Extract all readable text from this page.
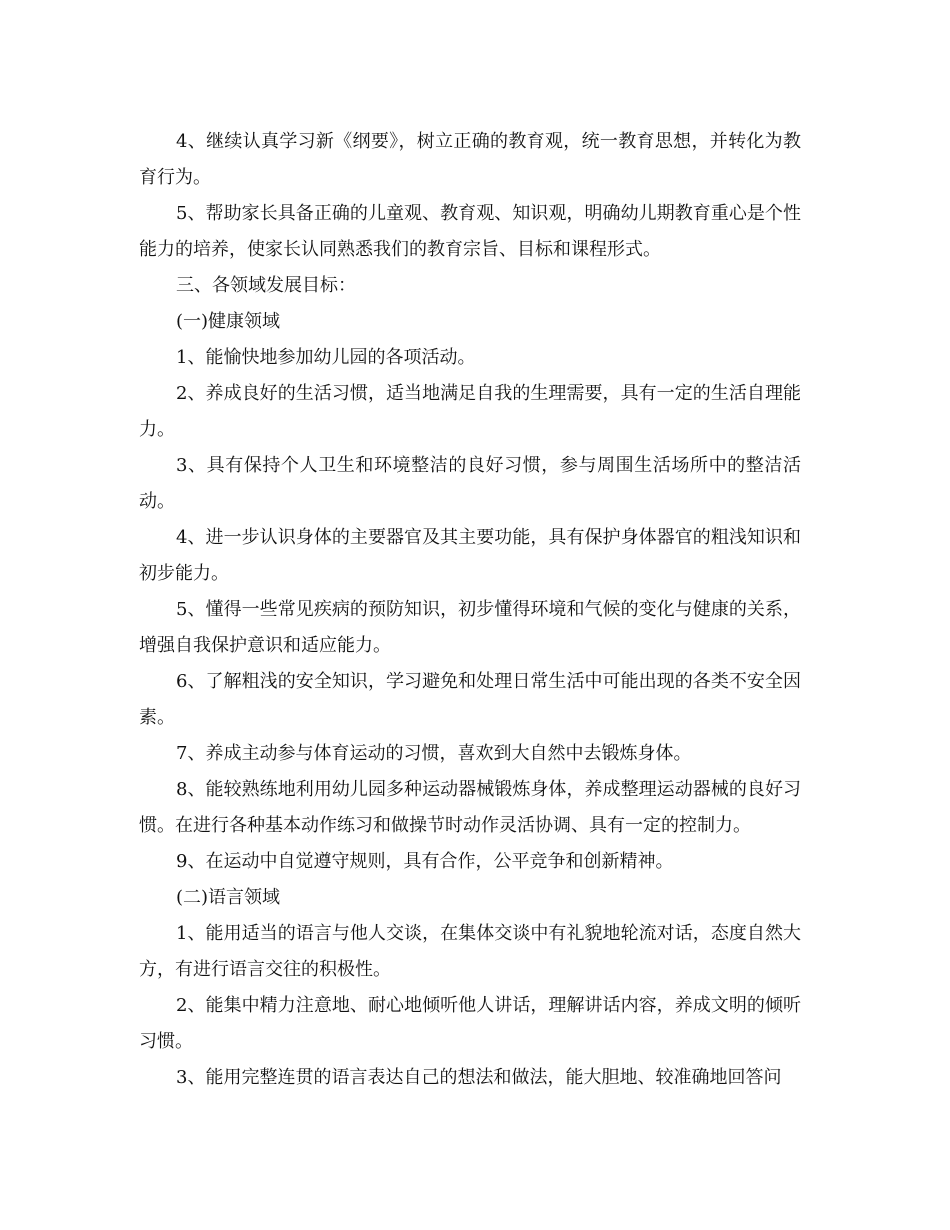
4、继续认真学习新《纲要》，树立正确的教育观，统一教育思想，并转化为教育行为。

5、帮助家长具备正确的儿童观、教育观、知识观，明确幼儿期教育重心是个性能力的培养，使家长认同熟悉我们的教育宗旨、目标和课程形式。

三、各领域发展目标：

(一)健康领域

1、能愉快地参加幼儿园的各项活动。

2、养成良好的生活习惯，适当地满足自我的生理需要，具有一定的生活自理能力。

3、具有保持个人卫生和环境整洁的良好习惯，参与周围生活场所中的整洁活动。

4、进一步认识身体的主要器官及其主要功能，具有保护身体器官的粗浅知识和初步能力。

5、懂得一些常见疾病的预防知识，初步懂得环境和气候的变化与健康的关系，增强自我保护意识和适应能力。

6、了解粗浅的安全知识，学习避免和处理日常生活中可能出现的各类不安全因素。

7、养成主动参与体育运动的习惯，喜欢到大自然中去锻炼身体。

8、能较熟练地利用幼儿园多种运动器械锻炼身体，养成整理运动器械的良好习惯。在进行各种基本动作练习和做操节时动作灵活协调、具有一定的控制力。

9、在运动中自觉遵守规则，具有合作，公平竞争和创新精神。

(二)语言领域

1、能用适当的语言与他人交谈，在集体交谈中有礼貌地轮流对话，态度自然大方，有进行语言交往的积极性。

2、能集中精力注意地、耐心地倾听他人讲话，理解讲话内容，养成文明的倾听习惯。

3、能用完整连贯的语言表达自己的想法和做法，能大胆地、较准确地回答问
